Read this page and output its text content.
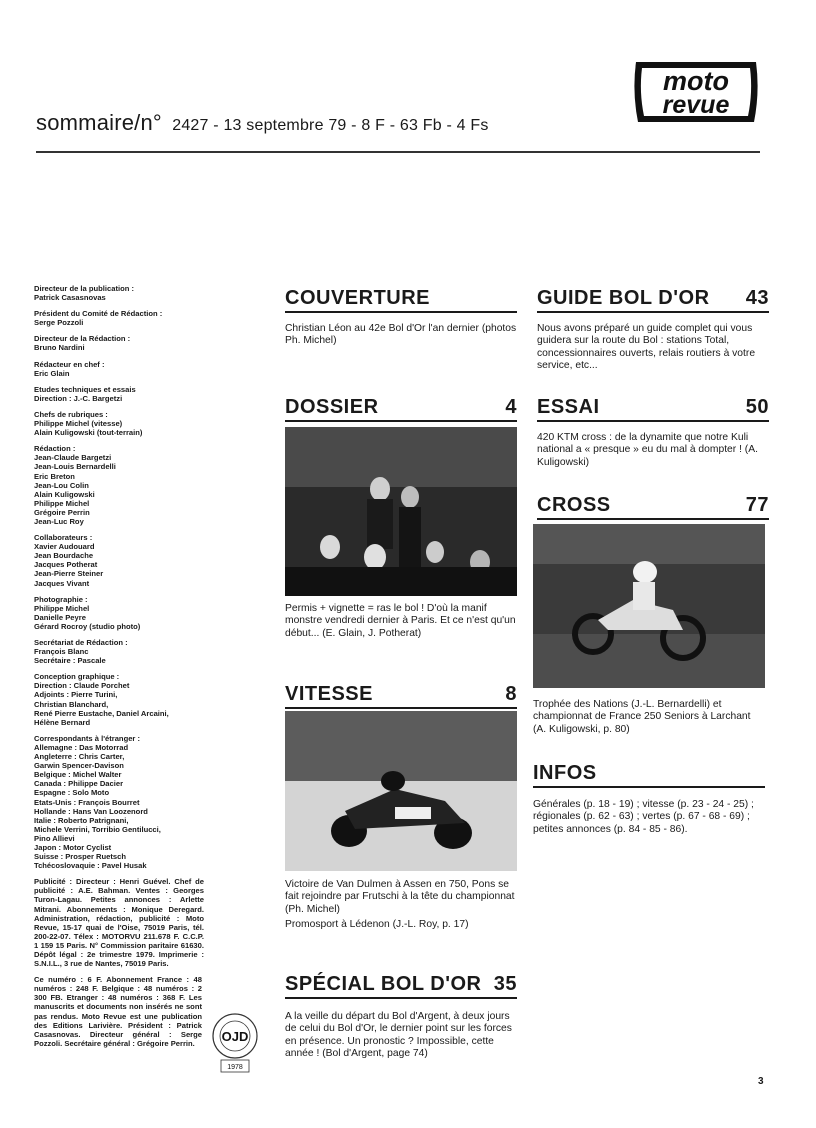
sommaire/n° 2427 - 13 septembre 79 - 8 F - 63 Fb - 4 Fs
moto
revue

Directeur de la publication :

Patrick Casasnovas

Président du Comité de Rédaction :

Serge Pozzoli

Directeur de la Rédaction :

Bruno Nardini

Rédacteur en chef :

Eric Glain

Etudes techniques et essais

Direction : J.-C. Bargetzi

Chefs de rubriques :

Philippe Michel (vitesse)

Alain Kuligowski (tout-terrain)

Rédaction :

Jean-Claude Bargetzi

Jean-Louis Bernardelli

Eric Breton

Jean-Lou Colin

Alain Kuligowski

Philippe Michel

Grégoire Perrin

Jean-Luc Roy

Collaborateurs :

Xavier Audouard

Jean Bourdache

Jacques Potherat

Jean-Pierre Steiner

Jacques Vivant

Photographie :

Philippe Michel

Danielle Peyre

Gérard Rocroy (studio photo)

Secrétariat de Rédaction :

François Blanc

Secrétaire : Pascale

Conception graphique :

Direction : Claude Porchet

Adjoints : Pierre Turini,

Christian Blanchard,

René Pierre Eustache, Daniel Arcaini,

Hélène Bernard

Correspondants à l'étranger :

Allemagne : Das Motorrad

Angleterre : Chris Carter,

Garwin Spencer-Davison

Belgique : Michel Walter

Canada : Philippe Dacier

Espagne : Solo Moto

Etats-Unis : François Bourret

Hollande : Hans Van Loozenord

Italie : Roberto Patrignani,

Michele Verrini, Torribio Gentilucci,

Pino Allievi

Japon : Motor Cyclist

Suisse : Prosper Ruetsch

Tchécoslovaquie : Pavel Husak

Publicité : Directeur : Henri Guével. Chef de publicité : A.E. Bahman. Ventes : Georges Turon-Lagau. Petites annonces : Arlette Mitrani. Abonnements : Monique Deregard. Administration, rédaction, publicité : Moto Revue, 15-17 quai de l'Oise, 75019 Paris, tél. 200-22-07. Télex : MOTORVU 211.678 F. C.C.P. 1 159 15 Paris. N° Commission paritaire 61630. Dépôt légal : 2e trimestre 1979. Imprimerie : S.N.I.L., 3 rue de Nantes, 75019 Paris.

Ce numéro : 6 F. Abonnement France : 48 numéros : 248 F. Belgique : 48 numéros : 2 300 FB. Etranger : 48 numéros : 368 F. Les manuscrits et documents non insérés ne sont pas rendus. Moto Revue est une publication des Editions Larivière. Président : Patrick Casasnovas. Directeur général : Serge Pozzoli. Secrétaire général : Grégoire Perrin.	OJD
1978
COUVERTURE

Christian Léon au 42e Bol d'Or l'an dernier (photos Ph. Michel)

DOSSIER	4

Permis + vignette = ras le bol ! D'où la manif monstre vendredi dernier à Paris. Et ce n'est qu'un début... (E. Glain, J. Potherat)

VITESSE	8

Victoire de Van Dulmen à Assen en 750, Pons se fait rejoindre par Frutschi à la tête du championnat (Ph. Michel)

Promosport à Lédenon (J.-L. Roy, p. 17)

SPÉCIAL BOL D'OR 35

A la veille du départ du Bol d'Argent, à deux jours de celui du Bol d'Or, le dernier point sur les forces en présence. Un pronostic ? Impossible, cette année ! (Bol d'Argent, page 74)

GUIDE BOL D'OR 43

Nous avons préparé un guide complet qui vous guidera sur la route du Bol : stations Total, concessionnaires ouverts, relais routiers à votre service, etc...

ESSAI	50

420 KTM cross : de la dynamite que notre Kuli national a « presque » eu du mal à dompter ! (A. Kuligowski)

CROSS	77

Trophée des Nations (J.-L. Bernardelli) et championnat de France 250 Seniors à Larchant (A. Kuligowski, p. 80)

INFOS

Générales (p. 18 - 19) ; vitesse (p. 23 - 24 - 25) ; régionales (p. 62 - 63) ; vertes (p. 67 - 68 - 69) ; petites annonces (p. 84 - 85 - 86).

3
